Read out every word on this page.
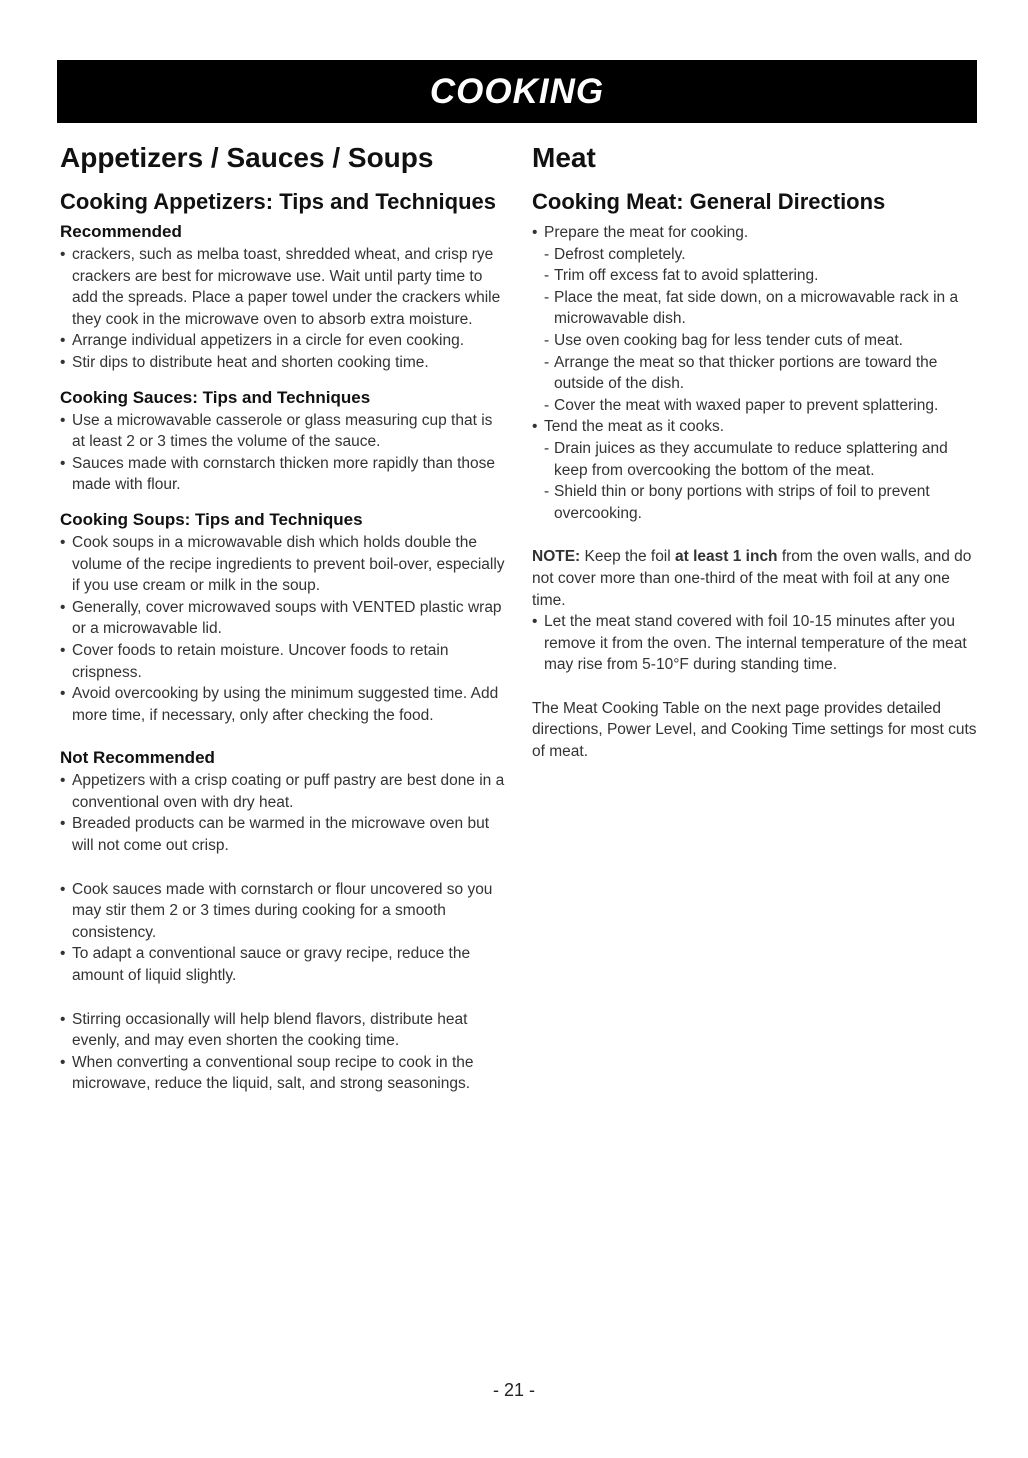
COOKING
Appetizers / Sauces / Soups
Cooking Appetizers: Tips and Techniques
Recommended
• crackers, such as melba toast, shredded wheat, and crisp rye crackers are best for microwave use. Wait until party time to add the spreads. Place a paper towel under the crackers while they cook in the microwave oven to absorb extra moisture.
• Arrange individual appetizers in a circle for even cooking.
• Stir dips to distribute heat and shorten cooking time.
Cooking Sauces: Tips and Techniques
• Use a microwavable casserole or glass measuring cup that is at least 2 or 3 times the volume of the sauce.
• Sauces made with cornstarch thicken more rapidly than those made with flour.
Cooking Soups: Tips and Techniques
• Cook soups in a microwavable dish which holds double the volume of the recipe ingredients to prevent boil-over, especially if you use cream or milk in the soup.
• Generally, cover microwaved soups with VENTED plastic wrap or a microwavable lid.
• Cover foods to retain moisture. Uncover foods to retain crispness.
• Avoid overcooking by using the minimum suggested time. Add more time, if necessary, only after checking the food.
Not Recommended
• Appetizers with a crisp coating or puff pastry are best done in a conventional oven with dry heat.
• Breaded products can be warmed in the microwave oven but will not come out crisp.
• Cook sauces made with cornstarch or flour uncovered so you may stir them 2 or 3 times during cooking for a smooth consistency.
• To adapt a conventional sauce or gravy recipe, reduce the amount of liquid slightly.
• Stirring occasionally will help blend flavors, distribute heat evenly, and may even shorten the cooking time.
• When converting a conventional soup recipe to cook in the microwave, reduce the liquid, salt, and strong seasonings.
Meat
Cooking Meat: General Directions
• Prepare the meat for cooking.
- Defrost completely.
- Trim off excess fat to avoid splattering.
- Place the meat, fat side down, on a microwavable rack in a microwavable dish.
- Use oven cooking bag for less tender cuts of meat.
- Arrange the meat so that thicker portions are toward the outside of the dish.
- Cover the meat with waxed paper to prevent splattering.
• Tend the meat as it cooks.
- Drain juices as they accumulate to reduce splattering and keep from overcooking the bottom of the meat.
- Shield thin or bony portions with strips of foil to prevent overcooking.

NOTE: Keep the foil at least 1 inch from the oven walls, and do not cover more than one-third of the meat with foil at any one time.

• Let the meat stand covered with foil 10-15 minutes after you remove it from the oven. The internal temperature of the meat may rise from 5-10°F during standing time.

The Meat Cooking Table on the next page provides detailed directions, Power Level, and Cooking Time settings for most cuts of meat.

- 21 -
